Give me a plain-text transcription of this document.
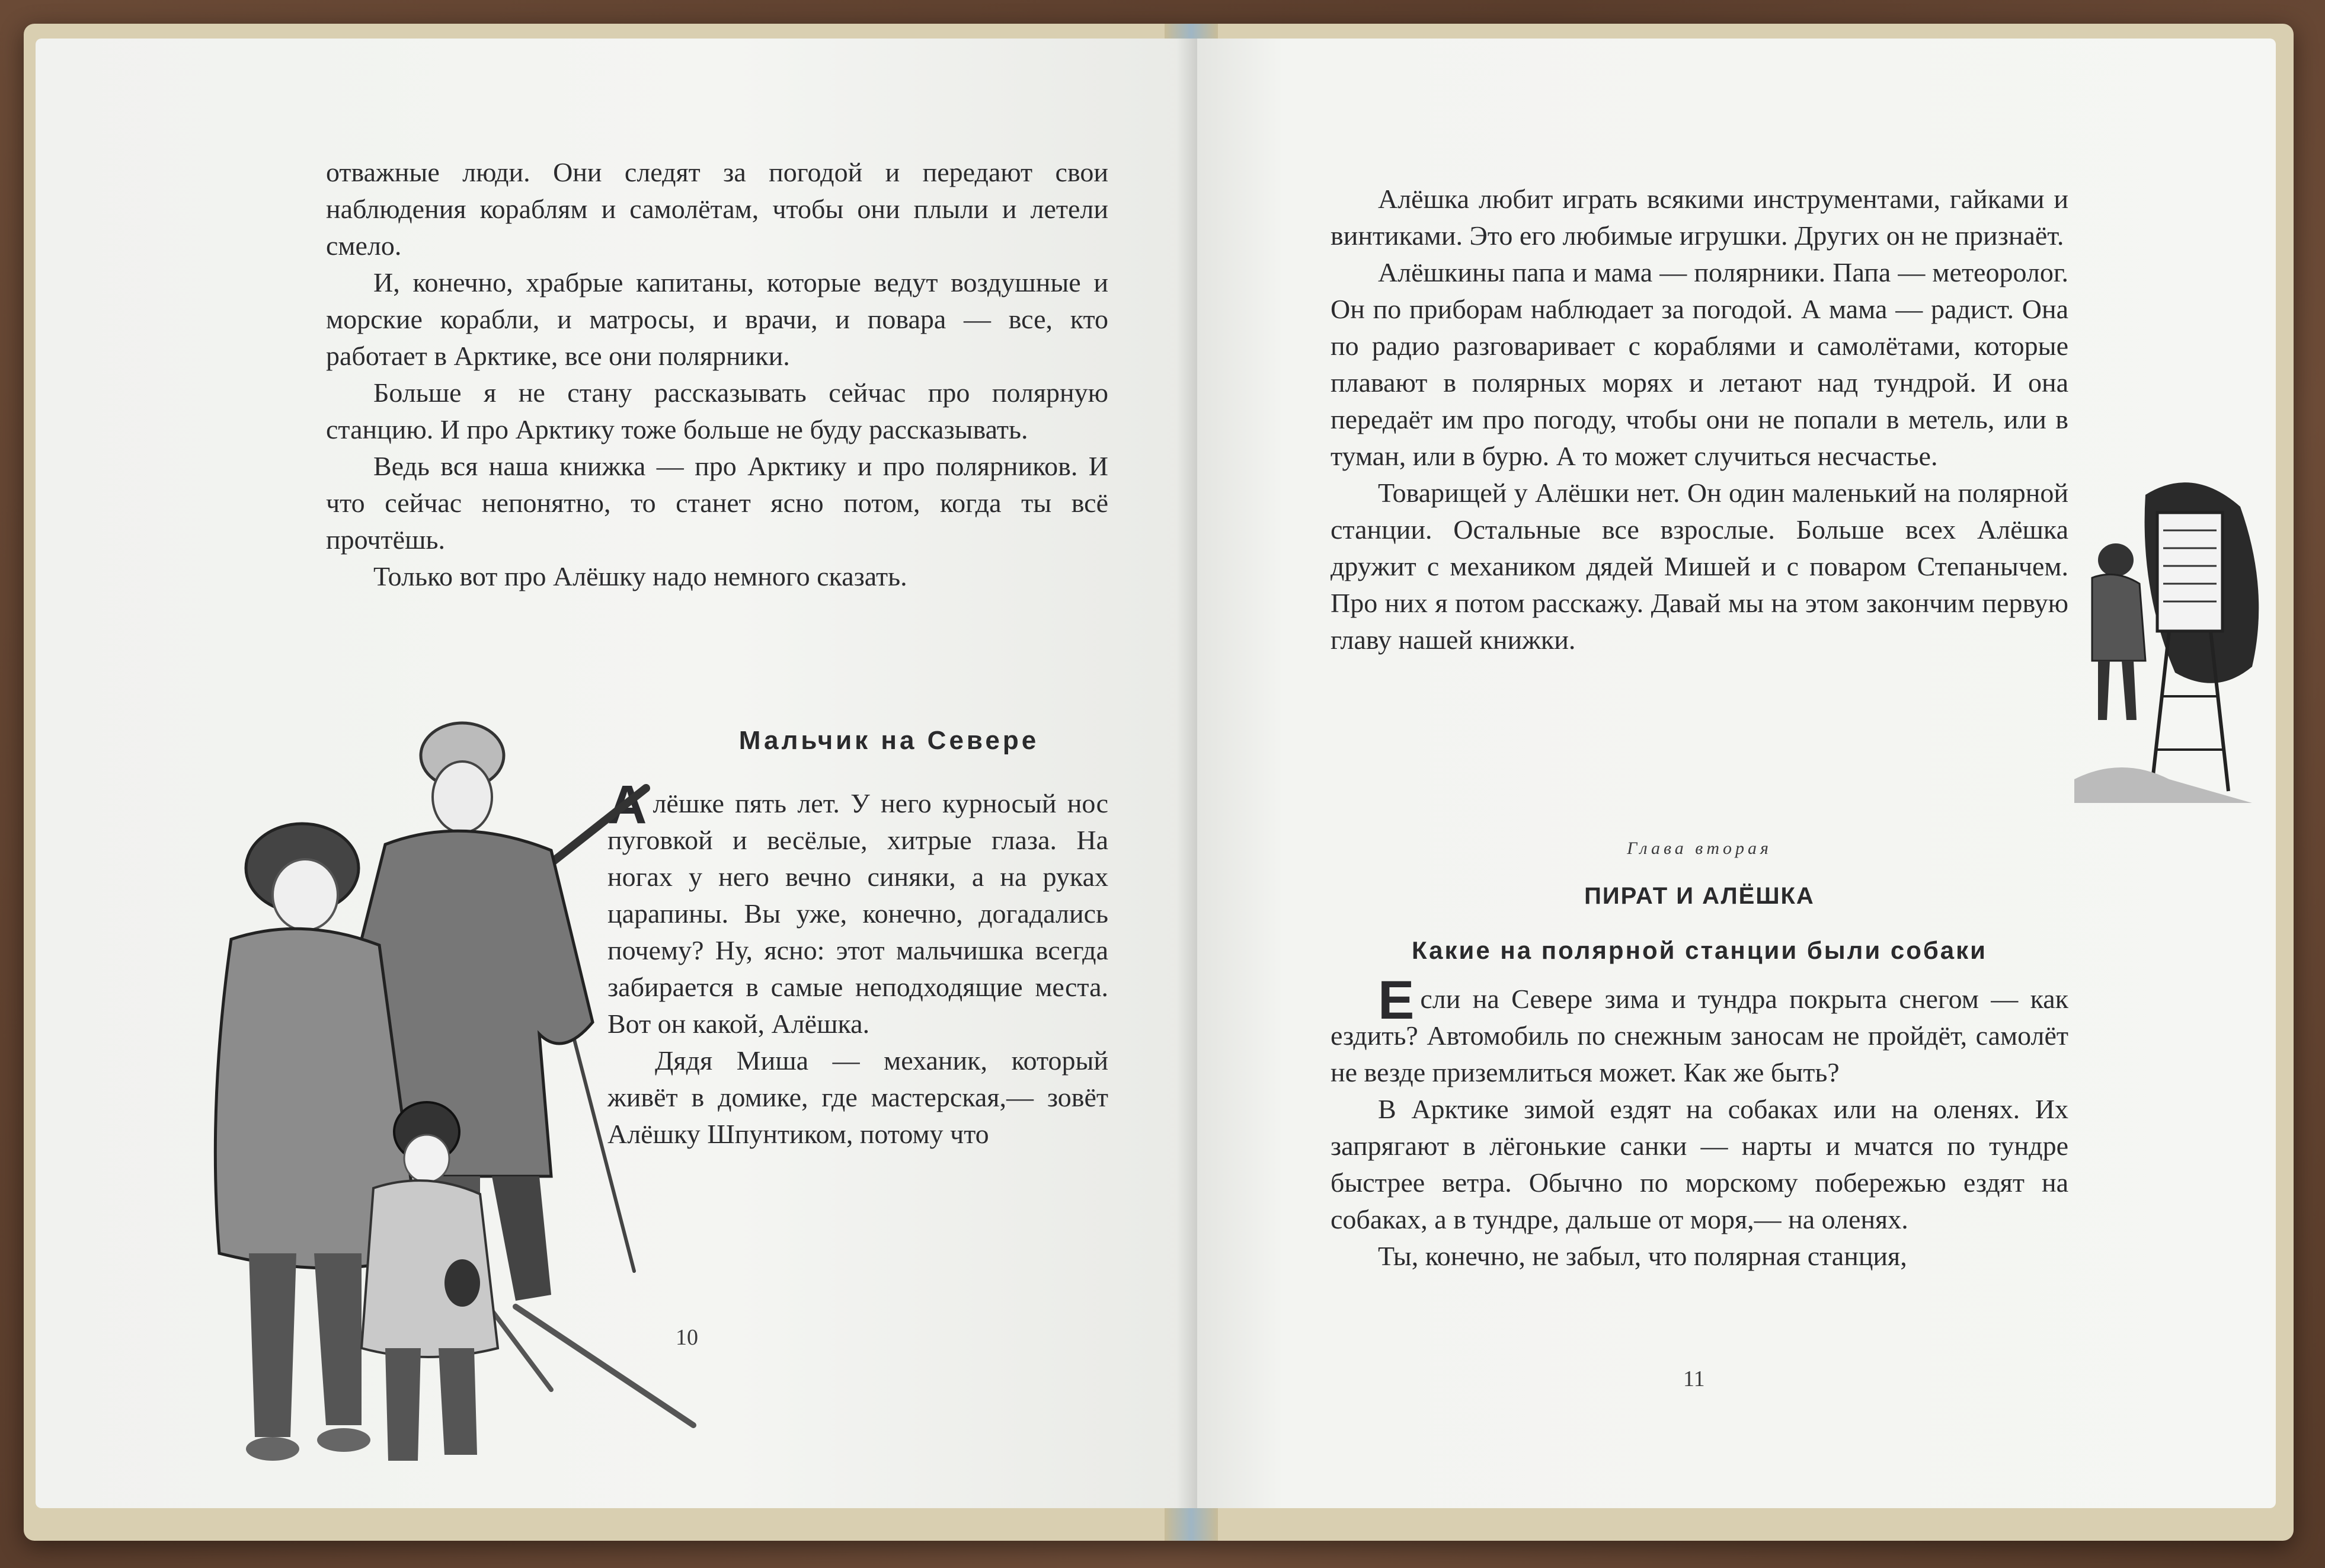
отважные люди. Они следят за погодой и передают свои наблюдения кораблям и самолётам, чтобы они плыли и летели смело.

И, конечно, храбрые капитаны, которые ведут воздушные и морские корабли, и матросы, и врачи, и повара — все, кто работает в Арктике, все они полярники.

Больше я не стану рассказывать сейчас про полярную станцию. И про Арктику тоже больше не буду рассказывать.

Ведь вся наша книжка — про Арктику и про полярников. И что сейчас непонятно, то станет ясно потом, когда ты всё прочтёшь.

Только вот про Алёшку надо немного сказать.

Мальчик на Севере

Алёшке пять лет. У него курносый нос пуговкой и весёлые, хитрые глаза. На ногах у него вечно синяки, а на руках царапины. Вы уже, конечно, догадались почему? Ну, ясно: этот мальчишка всегда забирается в самые неподходящие места. Вот он какой, Алёшка.

Дядя Миша — механик, который живёт в домике, где мастерская,— зовёт Алёшку Шпунтиком, потому что

10

Алёшка любит играть всякими инструментами, гайками и винтиками. Это его любимые игрушки. Других он не признаёт.

Алёшкины папа и мама — полярники. Папа — метеоролог. Он по приборам наблюдает за погодой. А мама — радист. Она по радио разговаривает с кораблями и самолётами, которые плавают в полярных морях и летают над тундрой. И она передаёт им про погоду, чтобы они не попали в метель, или в туман, или в бурю. А то может случиться несчастье.

Товарищей у Алёшки нет. Он один маленький на полярной станции. Остальные все взрослые. Больше всех Алёшка дружит с механиком дядей Мишей и с поваром Степанычем. Про них я потом расскажу. Давай мы на этом закончим первую главу нашей книжки.

Глава вторая
ПИРАТ И АЛЁШКА
Какие на полярной станции были собаки

Если на Севере зима и тундра покрыта снегом — как ездить? Автомобиль по снежным заносам не пройдёт, самолёт не везде приземлиться может. Как же быть?

В Арктике зимой ездят на собаках или на оленях. Их запрягают в лёгонькие санки — нарты и мчатся по тундре быстрее ветра. Обычно по морскому побережью ездят на собаках, а в тундре, дальше от моря,— на оленях.

Ты, конечно, не забыл, что полярная станция,

11
